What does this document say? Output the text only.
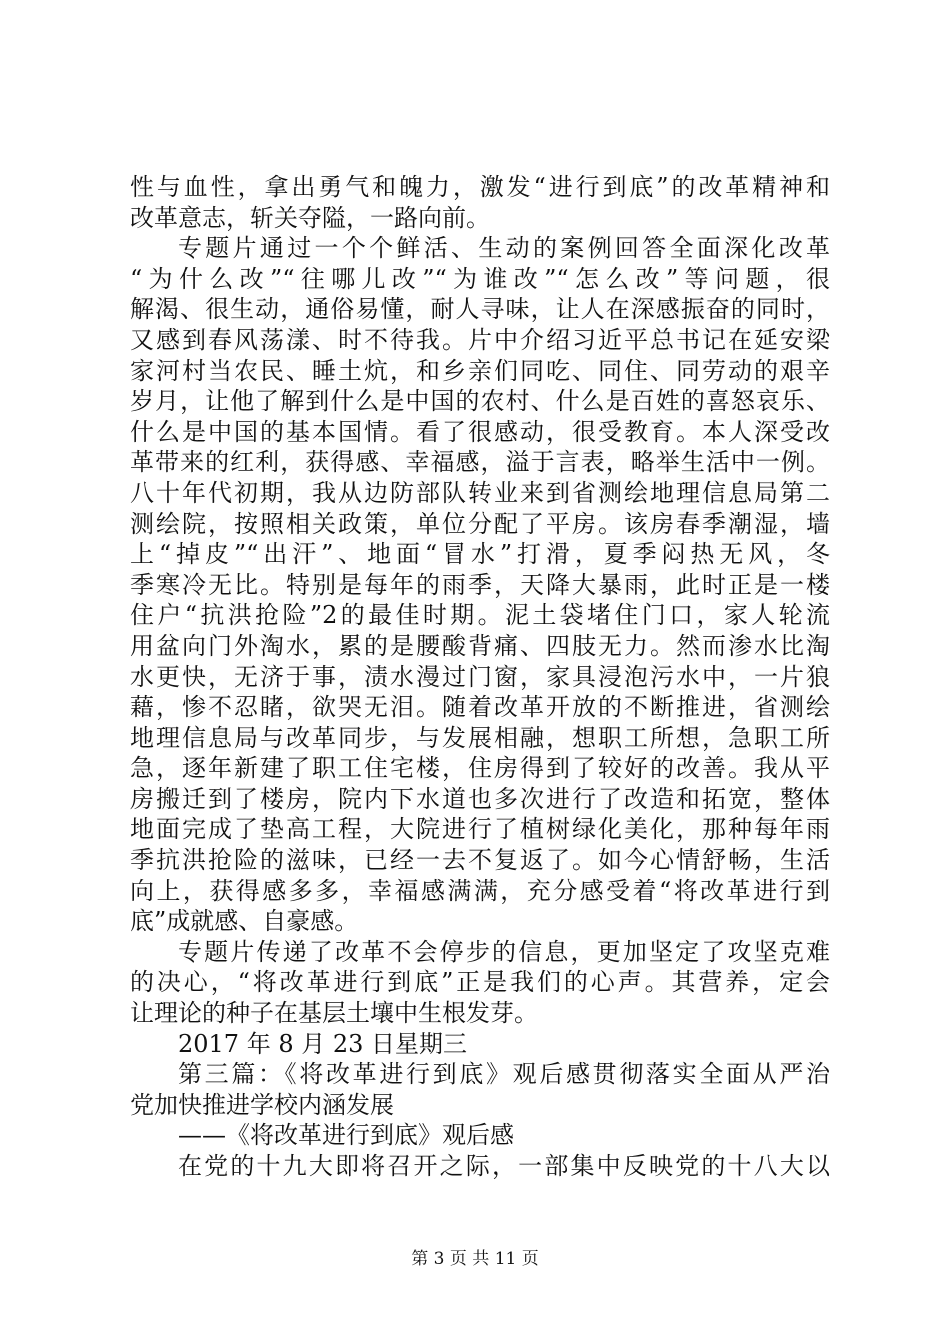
性与血性，拿出勇气和魄力，激发“进行到底”的改革精神和
改革意志，斩关夺隘，一路向前。
专题片通过一个个鲜活、生动的案例回答全面深化改革
“为什么改”“往哪儿改”“为谁改”“怎么改”等问题，很
解渴、很生动，通俗易懂，耐人寻味，让人在深感振奋的同时，
又感到春风荡漾、时不待我。片中介绍习近平总书记在延安梁
家河村当农民、睡土炕，和乡亲们同吃、同住、同劳动的艰辛
岁月，让他了解到什么是中国的农村、什么是百姓的喜怒哀乐、
什么是中国的基本国情。看了很感动，很受教育。本人深受改
革带来的红利，获得感、幸福感，溢于言表，略举生活中一例。
八十年代初期，我从边防部队转业来到省测绘地理信息局第二
测绘院，按照相关政策，单位分配了平房。该房春季潮湿，墙
上“掉皮”“出汗”、地面“冒水”打滑，夏季闷热无风，冬
季寒冷无比。特别是每年的雨季，天降大暴雨，此时正是一楼
住户“抗洪抢险”2的最佳时期。泥土袋堵住门口，家人轮流
用盆向门外淘水，累的是腰酸背痛、四肢无力。然而渗水比淘
水更快，无济于事，渍水漫过门窗，家具浸泡污水中，一片狼
藉，惨不忍睹，欲哭无泪。随着改革开放的不断推进，省测绘
地理信息局与改革同步，与发展相融，想职工所想，急职工所
急，逐年新建了职工住宅楼，住房得到了较好的改善。我从平
房搬迁到了楼房，院内下水道也多次进行了改造和拓宽，整体
地面完成了垫高工程，大院进行了植树绿化美化，那种每年雨
季抗洪抢险的滋味，已经一去不复返了。如今心情舒畅，生活
向上，获得感多多，幸福感满满，充分感受着“将改革进行到
底”成就感、自豪感。
专题片传递了改革不会停步的信息，更加坚定了攻坚克难
的决心，“将改革进行到底”正是我们的心声。其营养，定会
让理论的种子在基层土壤中生根发芽。
2017 年 8 月 23 日星期三
第三篇：《将改革进行到底》观后感贯彻落实全面从严治
党加快推进学校内涵发展
——《将改革进行到底》观后感
在党的十九大即将召开之际，一部集中反映党的十八大以
第 3 页 共 11 页
